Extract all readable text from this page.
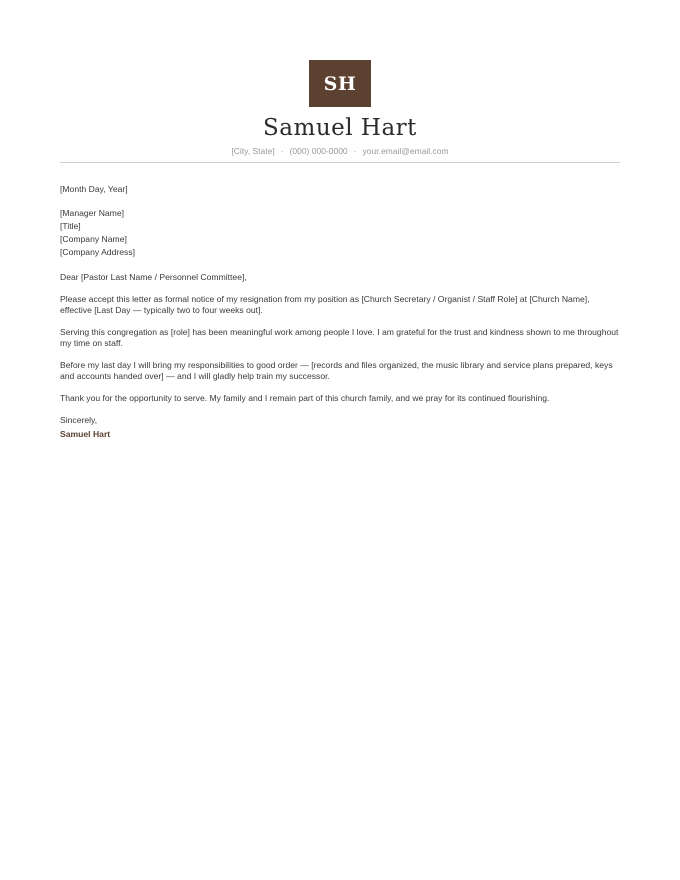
SH
Samuel Hart
[City, State] · (000) 000-0000 · your.email@email.com
[Month Day, Year]
[Manager Name]
[Title]
[Company Name]
[Company Address]
Dear [Pastor Last Name / Personnel Committee],
Please accept this letter as formal notice of my resignation from my position as [Church Secretary / Organist / Staff Role] at [Church Name], effective [Last Day — typically two to four weeks out].
Serving this congregation as [role] has been meaningful work among people I love. I am grateful for the trust and kindness shown to me throughout my time on staff.
Before my last day I will bring my responsibilities to good order — [records and files organized, the music library and service plans prepared, keys and accounts handed over] — and I will gladly help train my successor.
Thank you for the opportunity to serve. My family and I remain part of this church family, and we pray for its continued flourishing.
Sincerely,
Samuel Hart
